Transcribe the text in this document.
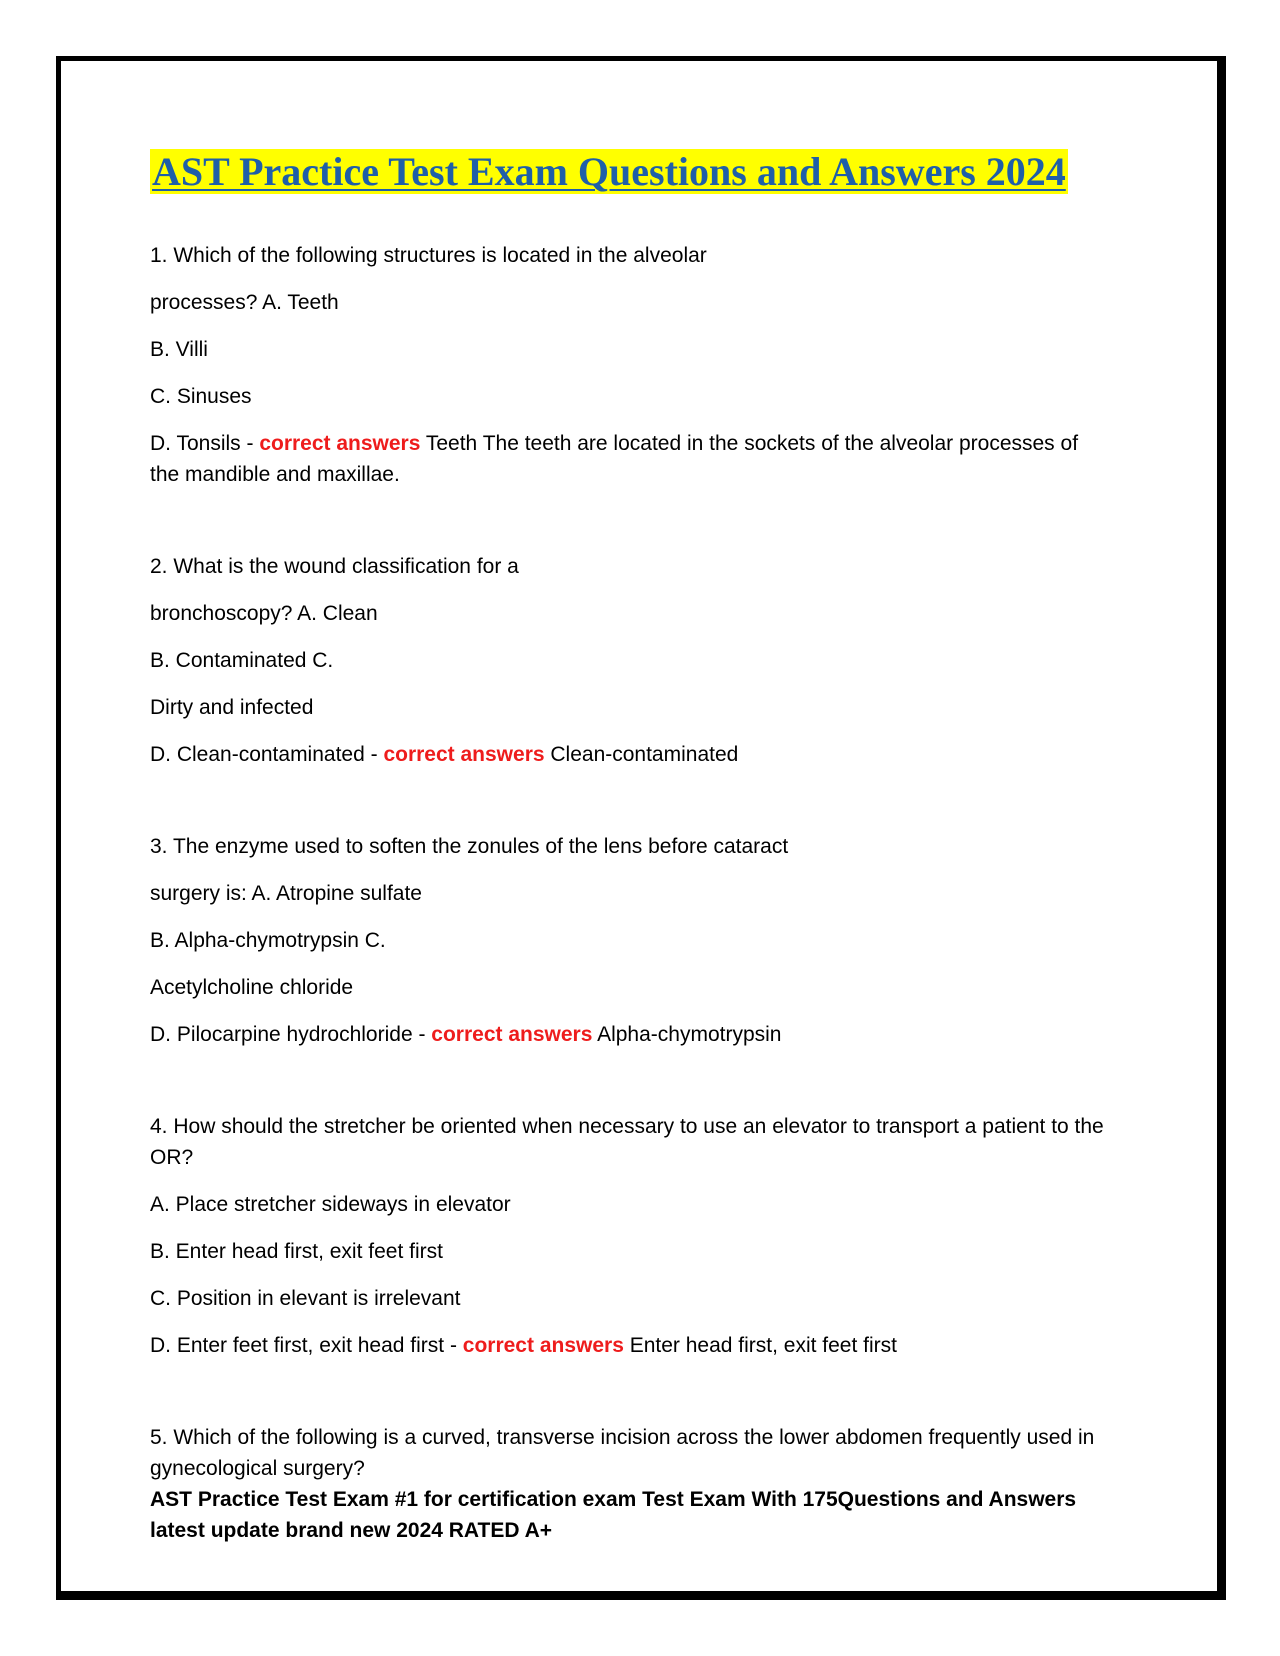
AST Practice Test Exam Questions and Answers 2024

1. Which of the following structures is located in the alveolar

processes? A. Teeth

B. Villi

C. Sinuses

D. Tonsils - correct answers Teeth The teeth are located in the sockets of the alveolar processes of the mandible and maxillae.

2. What is the wound classification for a

bronchoscopy? A. Clean

B. Contaminated C.

Dirty and infected

D. Clean-contaminated - correct answers Clean-contaminated

3. The enzyme used to soften the zonules of the lens before cataract

surgery is: A. Atropine sulfate

B. Alpha-chymotrypsin C.

Acetylcholine chloride

D. Pilocarpine hydrochloride - correct answers Alpha-chymotrypsin

4. How should the stretcher be oriented when necessary to use an elevator to transport a patient to the OR?

A. Place stretcher sideways in elevator

B. Enter head first, exit feet first

C. Position in elevant is irrelevant

D. Enter feet first, exit head first - correct answers Enter head first, exit feet first

5. Which of the following is a curved, transverse incision across the lower abdomen frequently used in gynecological surgery?

AST Practice Test Exam #1 for certification exam Test Exam With 175Questions and Answers latest update brand new 2024 RATED A+
